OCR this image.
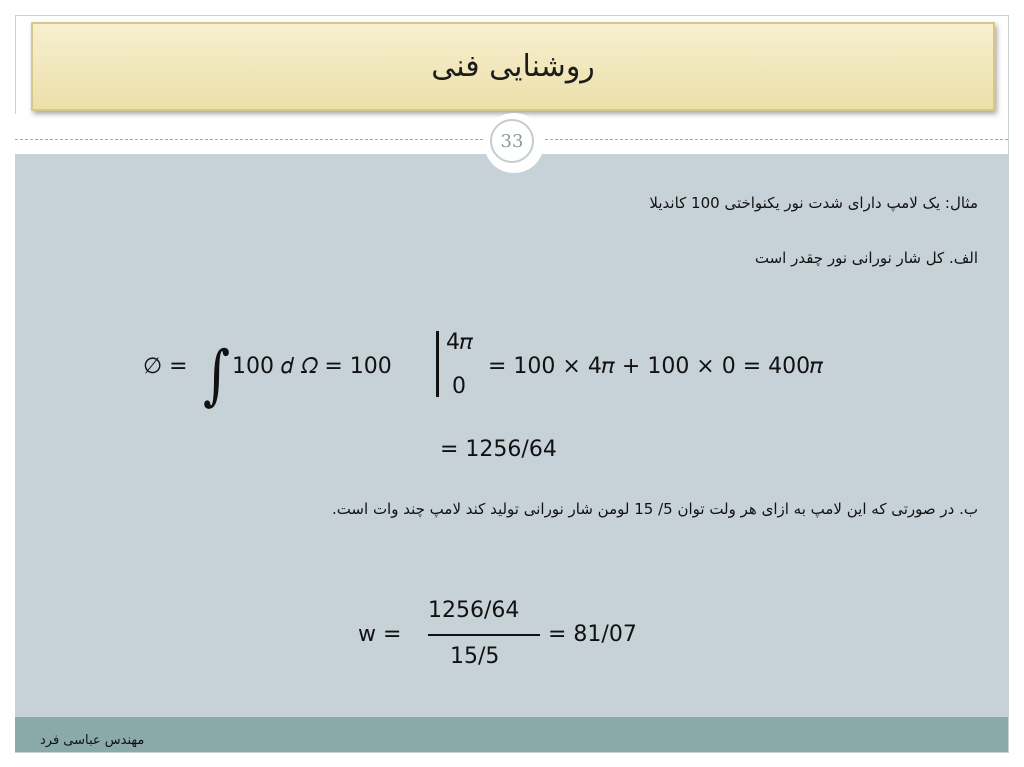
روشنایی فنی
33
مثال: یک لامپ دارای شدت نور یکنواختی 100 کاندیلا
الف. کل شار نورانی نور چقدر است
∅ = ∫ 100 𝑑 𝛺 = 100
4𝜋
0
= 100 × 4𝜋 + 100 × 0 = 400𝜋
= 1256/64
ب. در صورتی که این لامپ به ازای هر ولت توان 5/ 15 لومن شار نورانی تولید کند لامپ چند وات است.
w =
1256/64
15/5
= 81/07
مهندس عباسی فرد
